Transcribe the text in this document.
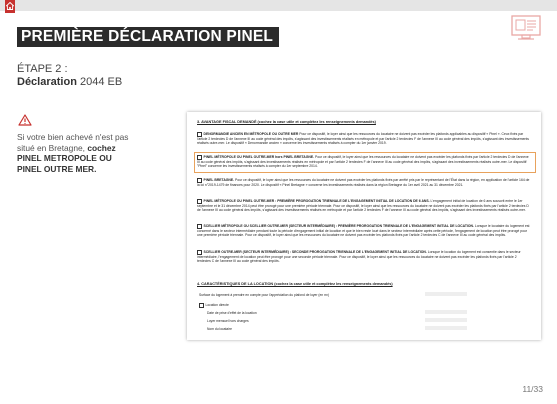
PREMIÈRE DÉCLARATION PINEL
ÉTAPE 2 :
Déclaration 2044 EB
Si votre bien achevé n'est pas situé en Bretagne, cochez PINEL METROPOLE OU PINEL OUTRE MER.
3. AVANTAGE FISCAL DEMANDÉ (cochez la case utile et complétez les renseignements demandés)
DENORMANDIE ANCIEN EN MÉTROPOLE OU OUTRE MER Pour ce dispositif, le loyer ainsi que les ressources du locataire ne doivent pas excéder les plafonds applicables au dispositif « Pinel ». Ceux fixés par l'article 2 terdecies D de l'annexe III au code général des impôts, s'agissant des investissements réalisés en métropole et par l'article 2 terdecies F de l'annexe III au code général des impôts, s'agissant des investissements réalisés outre-mer. Le dispositif « Denormandie ancien » concerne les investissements réalisés à compter du 1er janvier 2019.
PINEL MÉTROPOLE OU PINEL OUTRE-MER hors PINEL BRETAGNE. Pour ce dispositif, le loyer ainsi que les ressources du locataire ne doivent pas excéder les plafonds fixés par l'article 2 terdecies D de l'annexe III au code général des impôts, s'agissant des investissements réalisés en métropole et par l'article 2 terdecies F de l'annexe III au code général des impôts, s'agissant des investissements réalisés outre-mer. Le dispositif "Pinel" concerne les investissements réalisés à compter du 1er septembre 2014.
PINEL BRETAGNE. Pour ce dispositif, le loyer ainsi que les ressources du locataire ne doivent pas excéder les plafonds fixés par arrêté pris par le représentant de l'État dans la région, en application de l'article 164 de la loi n°2019-1479 de finances pour 2020. Le dispositif « Pinel Bretagne » concerne les investissements réalisés dans la région Bretagne du 1er avril 2021 au 31 décembre 2021.
PINEL MÉTROPOLE OU PINEL OUTRE-MER : PREMIÈRE PROROGATION TRIENNALE DE L'ENGAGEMENT INITIAL DE LOCATION DE 6 ANS. L'engagement initial de location de 6 ans souscrit entre le 1er septembre et le 31 décembre 2014 peut être prorogé pour une première période triennale. Pour ce dispositif, le loyer ainsi que les ressources du locataire ne doivent pas excéder les plafonds fixés par l'article 2 terdecies D de l'annexe III au code général des impôts, s'agissant des investissements réalisés en métropole et par l'article 2 terdecies F de l'annexe III au code général des impôts, s'agissant des investissements réalisés outre-mer.
SCELLIER MÉTROPOLE OU SCELLIER OUTRE-MER (SECTEUR INTERMÉDIAIRE) : PREMIÈRE PROROGATION TRIENNALE DE L'ENGAGEMENT INITIAL DE LOCATION. Lorsque le locataire du logement est concerné dans le secteur intermédiaire pendant toute la période d'engagement initial de location et que le bien reste loué dans le secteur intermédiaire après cette période, l'engagement de location peut être prorogé pour une première période triennale. Pour ce dispositif, le loyer ainsi que les ressources du locataire ne doivent pas excéder les plafonds fixés par l'article 2 terdecies C de l'annexe III au code général des impôts.
SCELLIER OUTRE-MER (SECTEUR INTERMÉDIAIRE) : SECONDE PROROGATION TRIENNALE DE L'ENGAGEMENT INITIAL DE LOCATION. Lorsque le location du logement est consentie dans le secteur intermédiaire, l'engagement de location peut être prorogé pour une seconde période triennale. Pour ce dispositif, le loyer ainsi que les ressources du locataire ne doivent pas excéder les plafonds fixés par l'article 2 terdecies C de l'annexe III au code général des impôts.
4. CARACTÉRISTIQUES DE LA LOCATION (cochez la case utile et complétez les renseignements demandés)
Surface du logement à prendre en compte pour l'appréciation du plafond de loyer (en m²)
Location directe
Date de prise d'effet de la location
Loyer mensuel hors charges
Nom du locataire
11/33
